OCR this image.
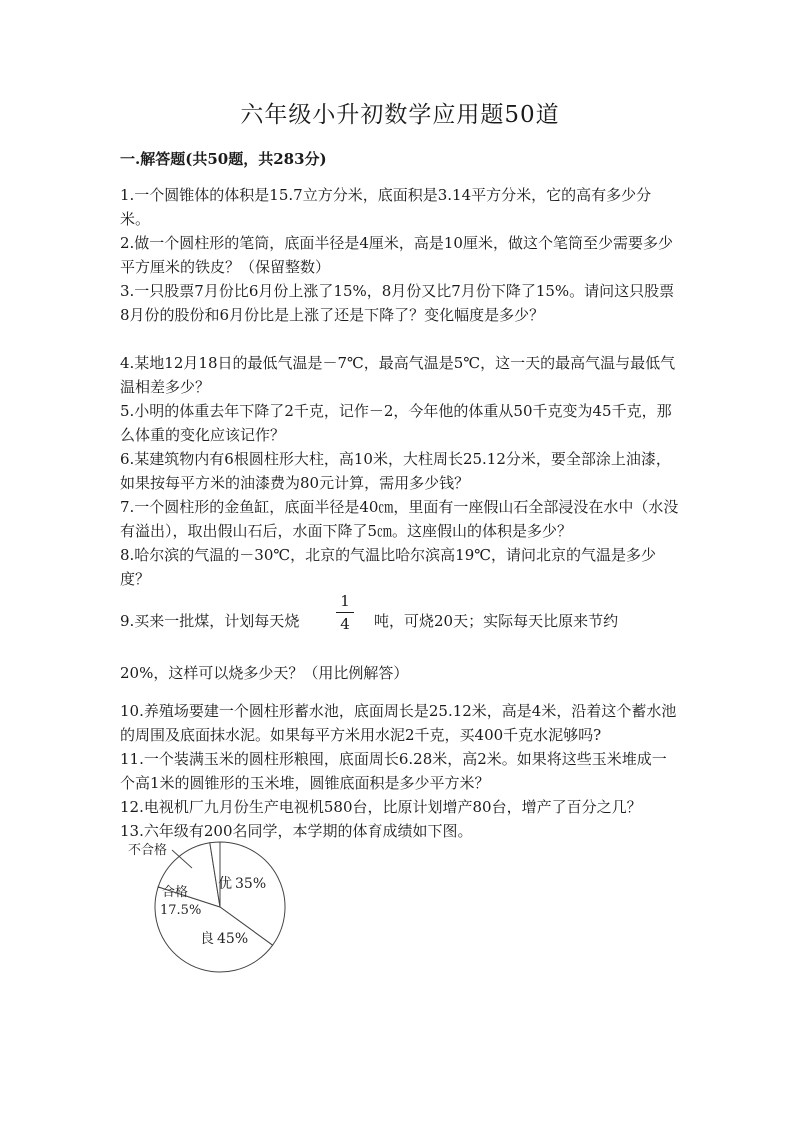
六年级小升初数学应用题50道
一.解答题(共50题，共283分)

1.一个圆锥体的体积是15.7立方分米，底面积是3.14平方分米，它的高有多少分米。

2.做一个圆柱形的笔筒，底面半径是4厘米，高是10厘米，做这个笔筒至少需要多少平方厘米的铁皮？（保留整数）

3.一只股票7月份比6月份上涨了15%，8月份又比7月份下降了15%。请问这只股票8月份的股份和6月份比是上涨了还是下降了？变化幅度是多少？

4.某地12月18日的最低气温是－7℃，最高气温是5℃，这一天的最高气温与最低气温相差多少？

5.小明的体重去年下降了2千克，记作－2，今年他的体重从50千克变为45千克，那么体重的变化应该记作？

6.某建筑物内有6根圆柱形大柱，高10米，大柱周长25.12分米，要全部涂上油漆，如果按每平方米的油漆费为80元计算，需用多少钱？

7.一个圆柱形的金鱼缸，底面半径是40㎝，里面有一座假山石全部浸没在水中（水没有溢出），取出假山石后，水面下降了5㎝。这座假山的体积是多少？

8.哈尔滨的气温的－30℃，北京的气温比哈尔滨高19℃，请问北京的气温是多少度？

9.买来一批煤，计划每天烧
1
4 吨，可烧20天；实际每天比原来节约

20%，这样可以烧多少天？（用比例解答）

10.养殖场要建一个圆柱形蓄水池，底面周长是25.12米，高是4米，沿着这个蓄水池的周围及底面抹水泥。如果每平方米用水泥2千克，买400千克水泥够吗?

11.一个装满玉米的圆柱形粮囤，底面周长6.28米，高2米。如果将这些玉米堆成一个高1米的圆锥形的玉米堆，圆锥底面积是多少平方米？

12.电视机厂九月份生产电视机580台，比原计划增产80台，增产了百分之几？

13.六年级有200名同学，本学期的体育成绩如下图。

不合格
优 35%
合格
17.5%
良 45%
